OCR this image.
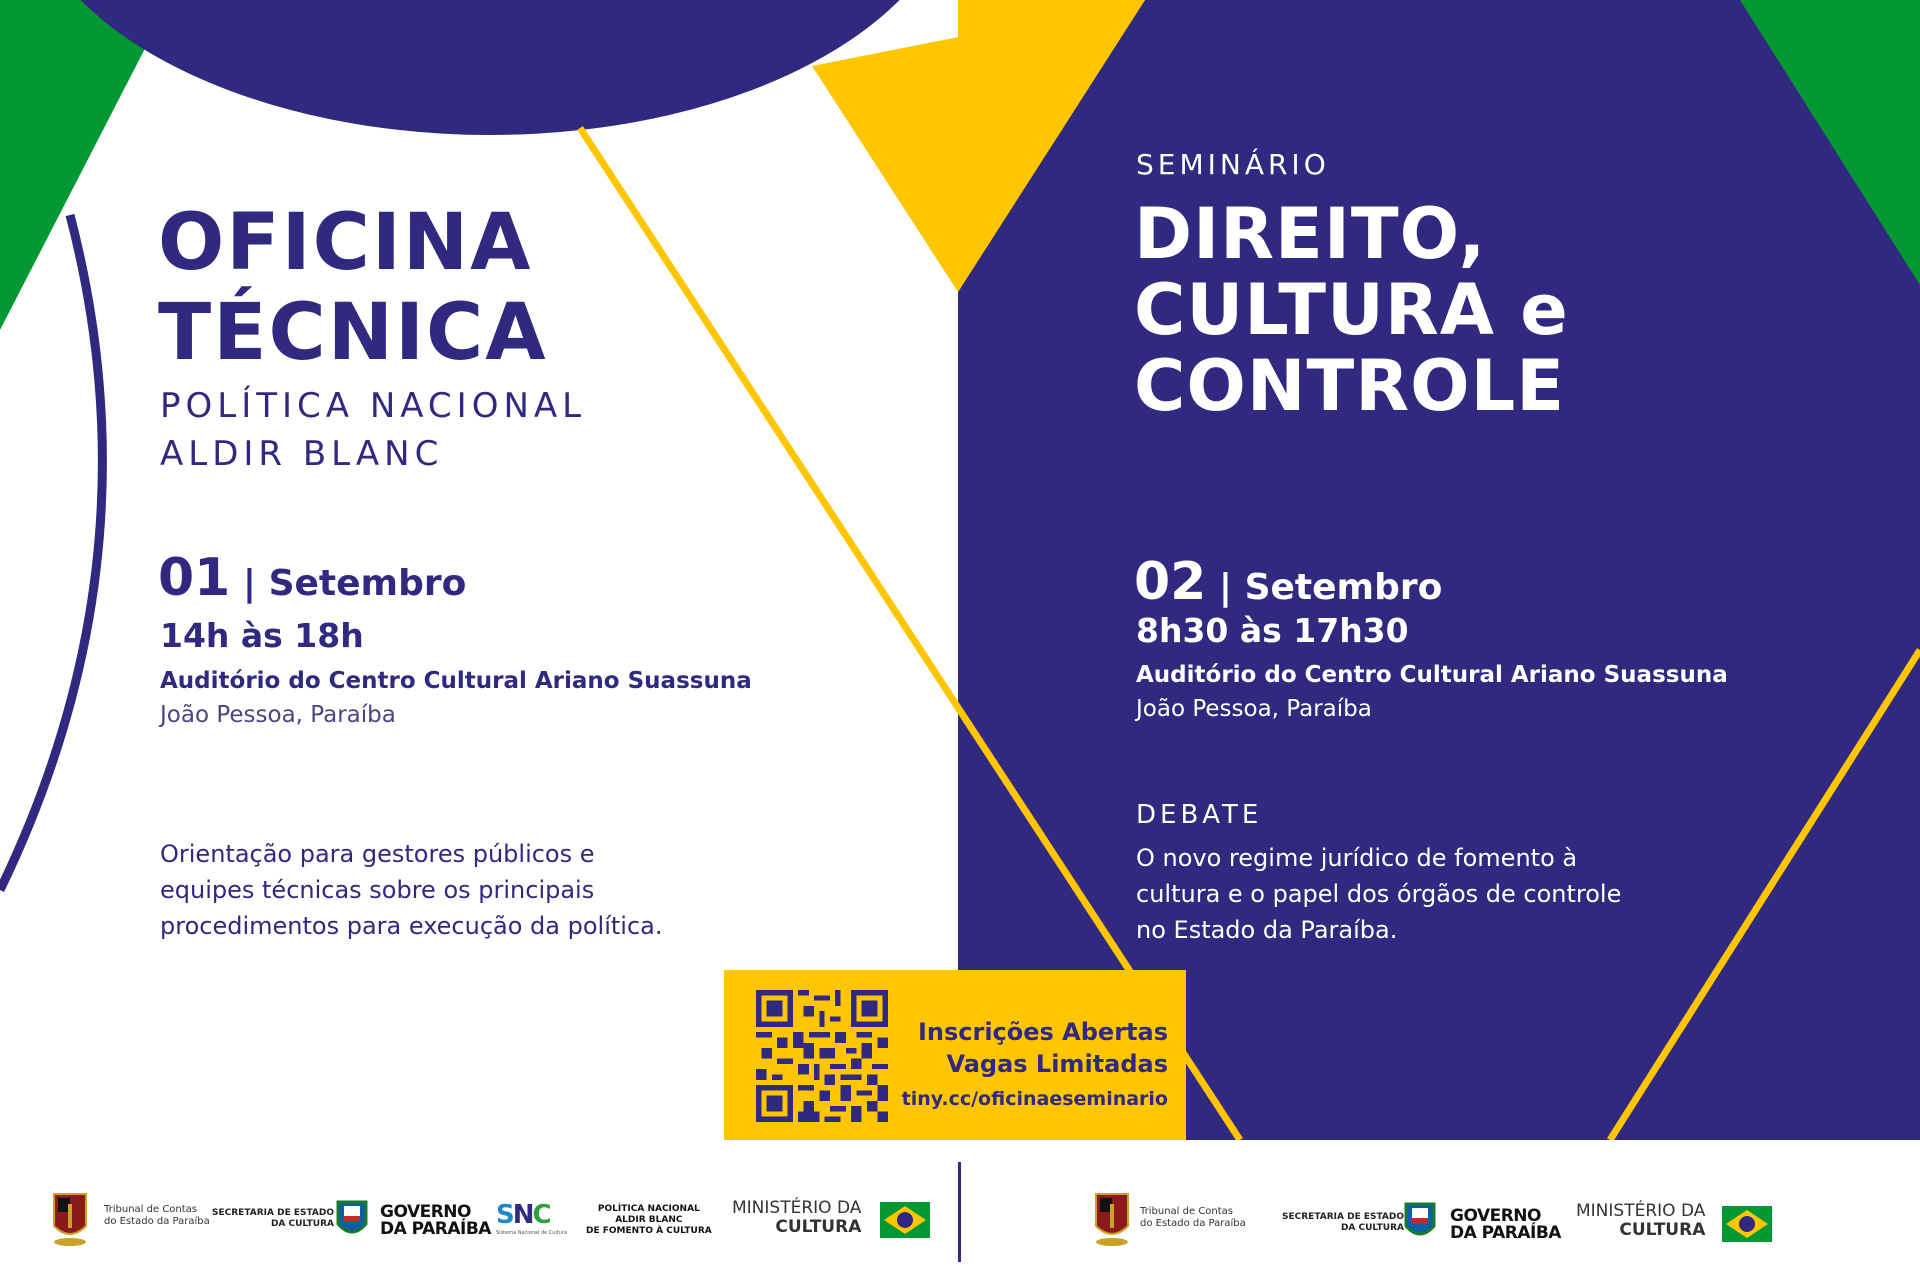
OFICINA
TÉCNICA
POLÍTICA NACIONAL
ALDIR BLANC
01 | Setembro
14h às 18h
Auditório do Centro Cultural Ariano Suassuna
João Pessoa, Paraíba
Orientação para gestores públicos e
equipes técnicas sobre os principais
procedimentos para execução da política.
SEMINÁRIO
DIREITO,
CULTURA e
CONTROLE
02 | Setembro
8h30 às 17h30
Auditório do Centro Cultural Ariano Suassuna
João Pessoa, Paraíba
DEBATE
O novo regime jurídico de fomento à
cultura e o papel dos órgãos de controle
no Estado da Paraíba.
Inscrições Abertas
Vagas Limitadas
tiny.cc/oficinaeseminario
Tribunal de Contas
do Estado da Paraíba
SECRETARIA DE ESTADO
DA CULTURA
GOVERNO
DA PARAÍBA SNC
Sistema Nacional de Cultura
POLÍTICA NACIONAL
ALDIR BLANC
DE FOMENTO À CULTURA
MINISTÉRIO DA
CULTURA
Tribunal de Contas
do Estado da Paraíba
SECRETARIA DE ESTADO
DA CULTURA
GOVERNO
DA PARAÍBA
MINISTÉRIO DA
CULTURA
